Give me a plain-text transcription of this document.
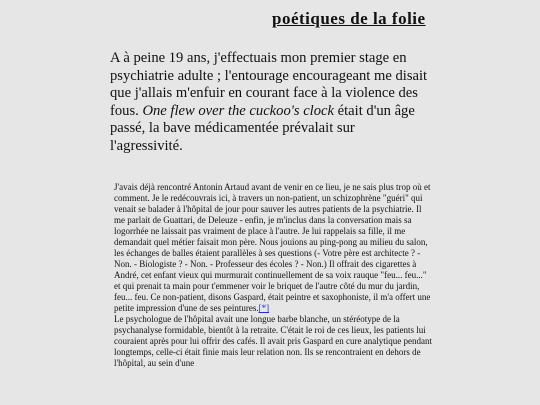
poétiques de la folie

A à peine 19 ans, j'effectuais mon premier stage en psychiatrie adulte ; l'entourage encourageant me disait que j'allais m'enfuir en courant face à la violence des fous. One flew over the cuckoo's clock était d'un âge passé, la bave médicamentée prévalait sur l'agressivité.

J'avais déjà rencontré Antonin Artaud avant de venir en ce lieu, je ne sais plus trop où et comment. Je le redécouvrais ici, à travers un non-patient, un schizophrène "guéri" qui venait se balader à l'hôpital de jour pour sauver les autres patients de la psychiatrie. Il me parlait de Guattari, de Deleuze - enfin, je m'inclus dans la conversation mais sa logorrhée ne laissait pas vraiment de place à l'autre. Je lui rappelais sa fille, il me demandait quel métier faisait mon père. Nous jouions au ping-pong au milieu du salon, les échanges de balles étaient parallèles à ses questions (- Votre père est architecte ? - Non. - Biologiste ? - Non. - Professeur des écoles ? - Non.) Il offrait des cigarettes à André, cet enfant vieux qui murmurait continuellement de sa voix rauque "feu... feu..." et qui prenait ta main pour t'emmener voir le briquet de l'autre côté du mur du jardin, feu... feu. Ce non-patient, disons Gaspard, était peintre et saxophoniste, il m'a offert une petite impression d'une de ses peintures.[*]

Le psychologue de l'hôpital avait une longue barbe blanche, un stéréotype de la psychanalyse formidable, bientôt à la retraite. C'était le roi de ces lieux, les patients lui couraient après pour lui offrir des cafés. Il avait pris Gaspard en cure analytique pendant longtemps, celle-ci était finie mais leur relation non. Ils se rencontraient en dehors de l'hôpital, au sein d'une
